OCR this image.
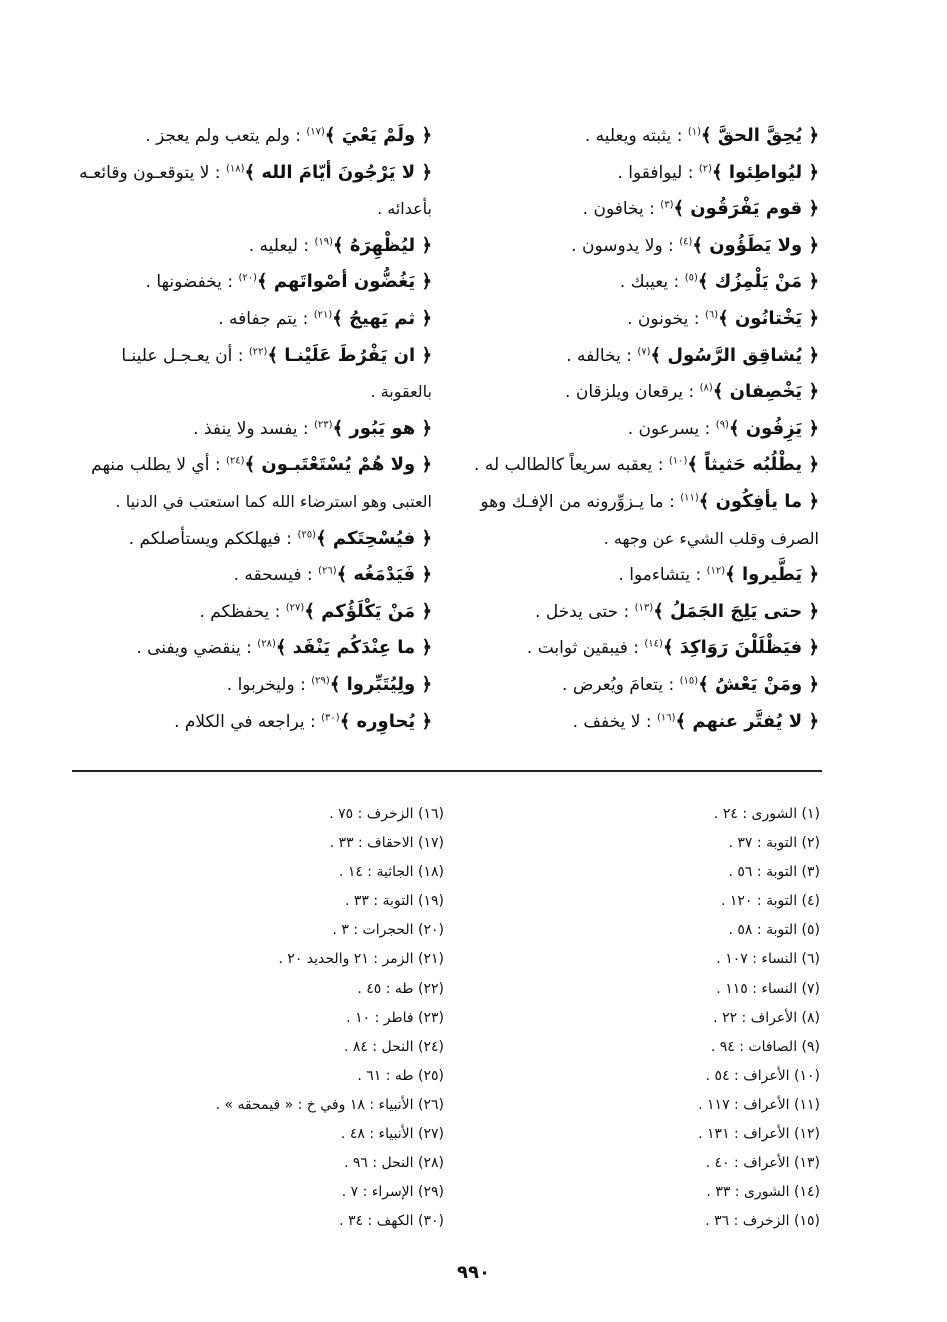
﴿ يُحِقَّ الحقَّ ﴾$^{(١)}$ : يثبته ويعليه .
﴿ ليُواطِئوا ﴾$^{(٢)}$ : ليوافقوا .
﴿ قوم يَفْرَقُون ﴾$^{(٣)}$ : يخافون .
﴿ ولا يَطَؤُون ﴾$^{(٤)}$ : ولا يدوسون .
﴿ مَنْ يَلْمِزُك ﴾$^{(٥)}$ : يعيبك .
﴿ يَخْتانُون ﴾$^{(٦)}$ : يخونون .
﴿ يُشاقِق الرَّسُول ﴾$^{(٧)}$ : يخالفه .
﴿ يَخْصِفان ﴾$^{(٨)}$ : يرقعان ويلزقان .
﴿ يَزِفُون ﴾$^{(٩)}$ : يسرعون .
﴿ يطْلُبُه حَثيثاً ﴾$^{(١٠)}$ : يعقبه سريعاً كالطالب له .
﴿ ما يأفِكُون ﴾$^{(١١)}$ : ما يـزوِّرونه من الإفـك وهو
الصرف وقلب الشيء عن وجهه .
﴿ يَطَّيروا ﴾$^{(١٢)}$ : يتشاءموا .
﴿ حتى يَلِجَ الجَمَلُ ﴾$^{(١٣)}$ : حتى يدخل .
﴿ فيَظْلَلْنَ رَوَاكِدَ ﴾$^{(١٤)}$ : فيبقين ثوابت .
﴿ ومَنْ يَعْشُ ﴾$^{(١٥)}$ : يتعامَ ويُعرض .
﴿ لا يُفتَّر عنهم ﴾$^{(١٦)}$ : لا يخفف .
﴿ ولَمْ يَعْيَ ﴾$^{(١٧)}$ : ولم يتعب ولم يعجز .
﴿ لا يَرْجُونَ أيّامَ الله ﴾$^{(١٨)}$ : لا يتوقعـون وقائعـه
بأعدائه .
﴿ ليُظْهِرَهُ ﴾$^{(١٩)}$ : ليعليه .
﴿ يَغُضُّون أصْواتَهم ﴾$^{(٢٠)}$ : يخفضونها .
﴿ ثم يَهيجُ ﴾$^{(٢١)}$ : يتم جفافه .
﴿ ان يَفْرُطَ عَلَيْنـا ﴾$^{(٢٢)}$ : أن يعـجـل علينـا
بالعقوبة .
﴿ هو يَبُور ﴾$^{(٢٣)}$ : يفسد ولا ينفذ .
﴿ ولا هُمْ يُسْتَعْتَبـون ﴾$^{(٢٤)}$ : أي لا يطلب منهم
العتبى وهو استرضاء الله كما استعتب في الدنيا .
﴿ فيُسْحِتَكم ﴾$^{(٢٥)}$ : فيهلككم ويستأصلكم .
﴿ فَيَدْمَغُه ﴾$^{(٢٦)}$ : فيسحقه .
﴿ مَنْ يَكْلَؤُكم ﴾$^{(٢٧)}$ : يحفظكم .
﴿ ما عِنْدَكُم يَنْفَد ﴾$^{(٢٨)}$ : ينقضي ويفنى .
﴿ ولِيُتَبِّروا ﴾$^{(٢٩)}$ : وليخربوا .
﴿ يُحاوِره ﴾$^{(٣٠)}$ : يراجعه في الكلام .
(١) الشورى : ٢٤ .
(٢) التوبة : ٣٧ .
(٣) التوبة : ٥٦ .
(٤) التوبة : ١٢٠ .
(٥) التوبة : ٥٨ .
(٦) النساء : ١٠٧ .
(٧) النساء : ١١٥ .
(٨) الأعراف : ٢٢ .
(٩) الصافات : ٩٤ .
(١٠) الأعراف : ٥٤ .
(١١) الأعراف : ١١٧ .
(١٢) الأعراف : ١٣١ .
(١٣) الأعراف : ٤٠ .
(١٤) الشورى : ٣٣ .
(١٥) الزخرف : ٣٦ .
(١٦) الزخرف : ٧٥ .
(١٧) الاحقاف : ٣٣ .
(١٨) الجاثية : ١٤ .
(١٩) التوبة : ٣٣ .
(٢٠) الحجرات : ٣ .
(٢١) الزمر : ٢١ والحديد ٢٠ .
(٢٢) طه : ٤٥ .
(٢٣) فاطر : ١٠ .
(٢٤) النحل : ٨٤ .
(٢٥) طه : ٦١ .
(٢٦) الأنبياء : ١٨ وفي خ : « فيمحقه » .
(٢٧) الأنبياء : ٤٨ .
(٢٨) النحل : ٩٦ .
(٢٩) الإسراء : ٧ .
(٣٠) الكهف : ٣٤ .
٩٩٠
